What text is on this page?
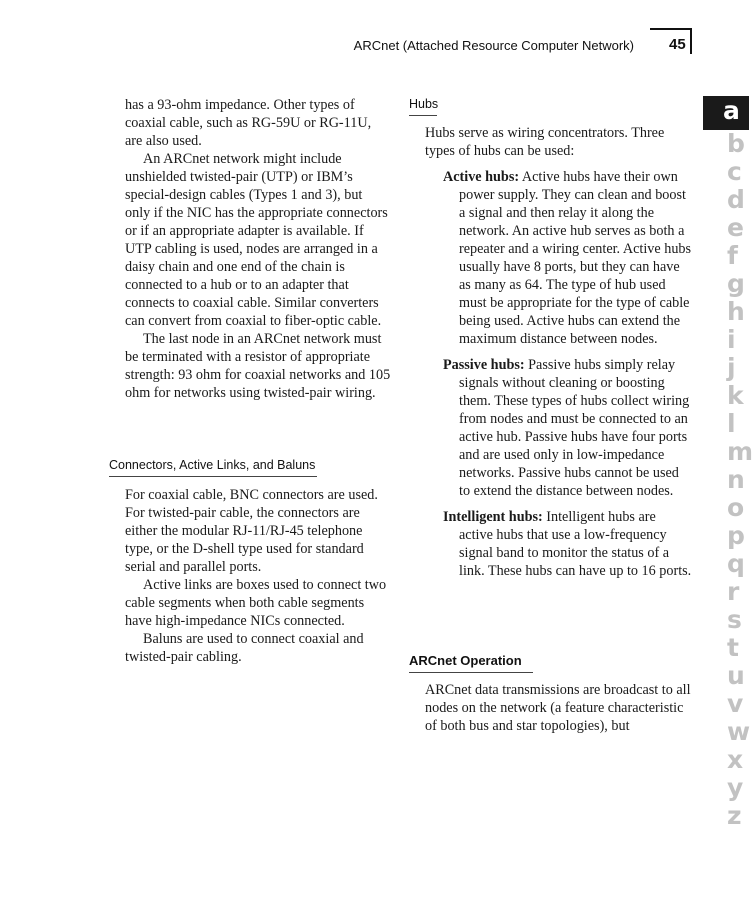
ARCnet (Attached Resource Computer Network) 45

has a 93-ohm impedance. Other types of coaxial cable, such as RG-59U or RG-11U, are also used.

An ARCnet network might include unshielded twisted-pair (UTP) or IBM’s special-design cables (Types 1 and 3), but only if the NIC has the appropriate connectors or if an appropriate adapter is available. If UTP cabling is used, nodes are arranged in a daisy chain and one end of the chain is connected to a hub or to an adapter that connects to coaxial cable. Similar converters can convert from coaxial to fiber-optic cable.

The last node in an ARCnet network must be terminated with a resistor of appropriate strength: 93 ohm for coaxial networks and 105 ohm for networks using twisted-pair wiring.

Connectors, Active Links, and Baluns

For coaxial cable, BNC connectors are used. For twisted-pair cable, the connectors are either the modular RJ-11/RJ-45 telephone type, or the D-shell type used for standard serial and parallel ports.

Active links are boxes used to connect two cable segments when both cable segments have high-impedance NICs connected.

Baluns are used to connect coaxial and twisted-pair cabling.

Hubs

Hubs serve as wiring concentrators. Three types of hubs can be used:

Active hubs: Active hubs have their own power supply. They can clean and boost a signal and then relay it along the network. An active hub serves as both a repeater and a wiring center. Active hubs usually have 8 ports, but they can have as many as 64. The type of hub used must be appropriate for the type of cable being used. Active hubs can extend the maximum distance between nodes.

Passive hubs: Passive hubs simply relay signals without cleaning or boosting them. These types of hubs collect wiring from nodes and must be connected to an active hub. Passive hubs have four ports and are used only in low-impedance networks. Passive hubs cannot be used to extend the distance between nodes.

Intelligent hubs: Intelligent hubs are active hubs that use a low-frequency signal band to monitor the status of a link. These hubs can have up to 16 ports.

ARCnet Operation

ARCnet data transmissions are broadcast to all nodes on the network (a feature characteristic of both bus and star topologies), but

a
b
c
d
e
f
g
h
i
j
k
l
m
n
o
p
q
r
s
t
u
v
w
x
y
z
